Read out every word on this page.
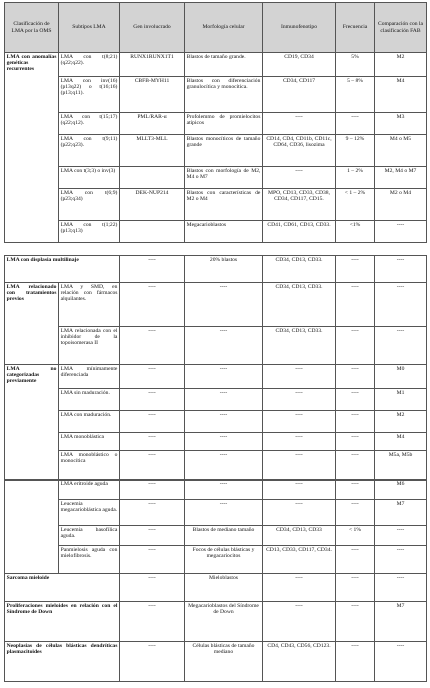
Clasificación de LMA por la OMS	Subtipos LMA	Gen involucrado	Morfología celular	Inmunofenotipo	Frecuencia	Comparación con la clasificación FAB
LMA con anomalías genéticas recurrentes	LMA con t(8;21)(q22;q22).	RUNX1RUNX1T1	Blastos de tamaño grande.	CD19, CD34	5%	M2
	LMA con inv(16)(p13q22) o t(16;16)(p13;q11).	CBFB-MYH11	Blastos con diferenciación granulocítica y monocítica.	CD34, CD117	5 – 8%	M4
	LMA con t(15;17)(q22;q12).	PML/RAR-α	Profolemmo de promielocitos atípicos	----	----	M3
	LMA con t(9;11)(p22;q23).	MLLT3-MLL	Blastos monocíticos de tamaño grande	CD14, CD4, CD11b, CD11c, CD64, CD36, lisozima	9 – 12%	M4 o M5
	LMA con t(3;3) o inv(3)		Blastos con morfología de M2, M4 o M7	----	1 – 2%	M2, M4 o M7
	LMA con t(6;9)(p23;q34)	DEK-NUP214	Blastos con características de M2 o M4	MPO, CD13, CD33, CD38, CD34, CD117, CD15.	< 1 – 2%	M2 o M4
	LMA con t(1;22)(p13;q13)		Megacarioblastos	CD41, CD61, CD13, CD33.	<1%	----
LMA con displasia multilinaje		----	20% blastos	CD34, CD13, CD33.	----	----
LMA relacionado con tratamientos previos	LMA y SMD, en relación con fármacos alquilantes.	----	----	CD34, CD13, CD33.	----	----
	LMA relacionada con el inhibidor de la topoisomerasa II	----	----	CD34, CD13, CD33.	----	----
LMA no categorizadas previamente	LMA mínimamente diferenciada	----	----	----	----	M0
	LMA sin maduración.	----	----	----	----	M1
	LMA con maduración.	----	----	----	----	M2
	LMA monoblástica	----	----	----	----	M4
	LMA monoblástico o monocítica	----	----	----	----	M5a, M5b
	LMA eritroide aguda	----	----	----	----	M6
	Leucemia megacarioblástica aguda.	----	----	----	----	M7
	Leucemia basofílica aguda.	----	Blastos de mediano tamaño	CD34, CD13, CD33	< 1%	----
	Panmielosis aguda con mielofibrosis.	----	Focos de células blásticas y megacariocitos	CD13, CD33, CD117, CD34.	----	----
Sarcoma mieloide		----	Mieloblastos	----	----	----
Proliferaciones mieloides en relación con el Síndrome de Down		----	Megacarioblastos del Síndrome de Down	----	----	M7
Neoplasias de células blásticas dendríticas plasmacitoides		----	Células blásticas de tamaño mediano	CD4, CD43, CD56, CD123.	----	----
